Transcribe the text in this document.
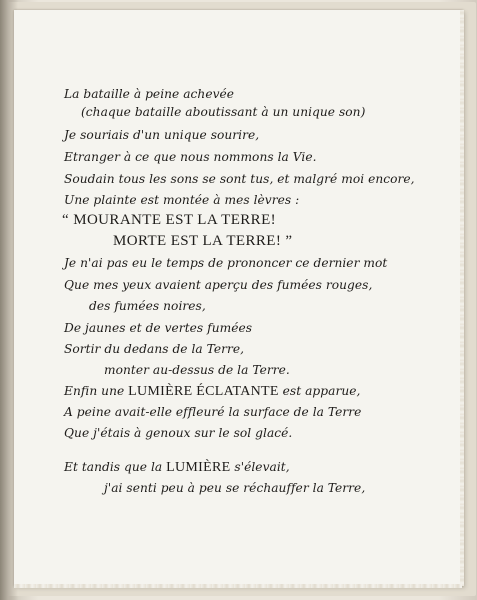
La bataille à peine achevée
(chaque bataille aboutissant à un unique son)
Je souriais d'un unique sourire,
Etranger à ce que nous nommons la Vie.
Soudain tous les sons se sont tus, et malgré moi encore,
Une plainte est montée à mes lèvres :
“ MOURANTE EST LA TERRE!
MORTE EST LA TERRE! ”
Je n'ai pas eu le temps de prononcer ce dernier mot
Que mes yeux avaient aperçu des fumées rouges,
des fumées noires,
De jaunes et de vertes fumées
Sortir du dedans de la Terre,
monter au-dessus de la Terre.
Enfin une LUMIÈRE ÉCLATANTE est apparue,
A peine avait-elle effleuré la surface de la Terre
Que j'étais à genoux sur le sol glacé.
Et tandis que la LUMIÈRE s'élevait,
j'ai senti peu à peu se réchauffer la Terre,
